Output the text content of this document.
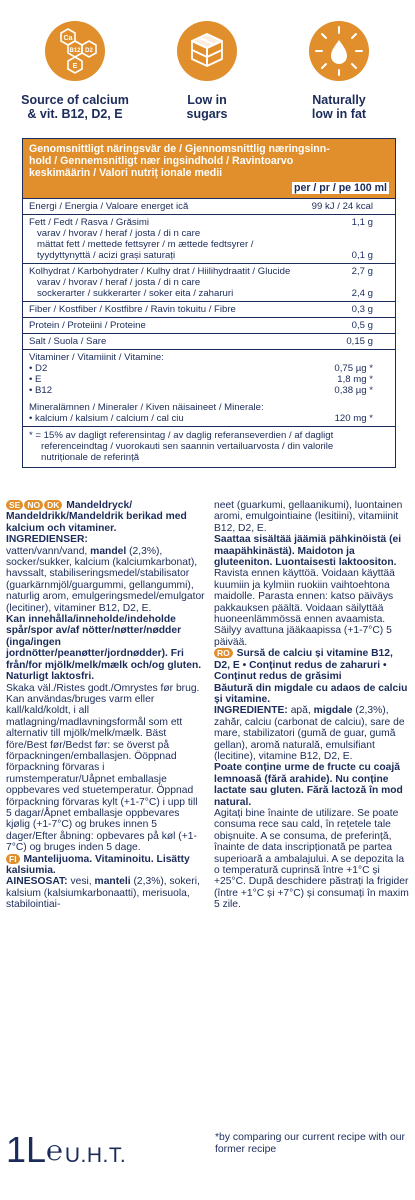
Ca
B12 D2
E
Source of calcium
& vit. B12, D2, E
Low in
sugars
Naturally
low in fat
Genomsnittligt näringsvär de / Gjennomsnittlig næringsinn-
hold / Gennemsnitligt nær ingsindhold / Ravintoarvo
keskimäärin / Valori nutriț ionale medii
per / pr / pe 100 ml
Energi / Energia / Valoare energet ică	99 kJ / 24 kcal
Fett / Fedt / Rasva / Grăsimi	1,1 g
varav / hvorav / heraf / josta / di n care
mättat fett / mettede fettsyrer / m ættede fedtsyrer /
tyydyttynyttä / acizi grași saturați	0,1 g
Kolhydrat / Karbohydrater / Kulhy drat / Hiilihydraatit / Glucide	2,7 g
varav / hvorav / heraf / josta / di n care
sockerarter / sukkerarter / soker eita / zaharuri	2,4 g
Fiber / Kostfiber / Kostfibre / Ravin tokuitu / Fibre	0,3 g
Protein / Proteiini / Proteine	0,5 g
Salt / Suola / Sare	0,15 g
Vitaminer / Vitamiinit / Vitamine:
• D2	0,75 µg *
• E	1,8 mg *
• B12	0,38 µg *
Mineralämnen / Mineraler / Kiven näisaineet / Minerale:
• kalcium / kalsium / calcium / cal ciu	120 mg *
* = 15% av dagligt referensintag / av daglig referanseverdien / af dagligt
referenceindtag / vuorokauti sen saannin vertailuarvosta / din valorile
nutriționale de referință

SE NO DK Mandeldryck/ Mandeldrikk/Mandeldrik berikad med kalcium och vitaminer.

INGREDIENSER:
vatten/vann/vand, mandel (2,3%), socker/sukker, kalcium (kalciumkarbonat), havssalt, stabiliseringsmedel/stabilisator (guarkärnmjöl/guargummi, gellangummi), naturlig arom, emulgeringsmedel/emulgator (lecitiner), vitaminer B12, D2, E.

Kan innehålla/inneholde/indeholde spår/spor av/af nötter/nøtter/nødder (inga/ingen jordnötter/peanøtter/jordnødder). Fri från/for mjölk/melk/mælk och/og gluten. Naturligt laktosfri.

Skaka väl./Ristes godt./Omrystes før brug. Kan användas/bruges varm eller kall/kald/koldt, i all matlagning/madlavningsformål som ett alternativ till mjölk/melk/mælk. Bäst före/Best før/Bedst før: se överst på förpackningen/emballasjen. Ööppnad förpackning förvaras i rumstemperatur/Uåpnet emballasje oppbevares ved stuetemperatur. Öppnad förpackning förvaras kylt (+1-7°C) i upp till 5 dagar/Åpnet emballasje oppbevares kjølig (+1-7°C) og brukes innen 5 dager/Efter åbning: opbevares på køl (+1-7°C) og bruges inden 5 dage.

FI Mantelijuoma. Vitaminoitu. Lisätty kalsiumia.

AINESOSAT: vesi, manteli (2,3%), sokeri, kalsium (kalsiumkarbonaatti), merisuola, stabilointiai-

neet (guarkumi, gellaanikumi), luontainen aromi, emulgointiaine (lesitiini), vitamiinit B12, D2, E.

Saattaa sisältää jäämiä pähkinöistä (ei maapähkinästä). Maidoton ja gluteeniton. Luontaisesti laktoositon.

Ravista ennen käyttöä. Voidaan käyttää kuumiin ja kylmiin ruokiin vaihtoehtona maidolle. Parasta ennen: katso päiväys pakkauksen päältä. Voidaan säilyttää huoneenlämmössä ennen avaamista. Säilyy avattuna jääkaapissa (+1-7°C) 5 päivää.

RO Sursă de calciu și vitamine B12, D2, E • Conținut redus de zaharuri • Conținut redus de grăsimi

Băutură din migdale cu adaos de calciu și vitamine.

INGREDIENTE: apă, migdale (2,3%), zahăr, calciu (carbonat de calciu), sare de mare, stabilizatori (gumă de guar, gumă gellan), aromă naturală, emulsifiant (lecitine), vitamine B12, D2, E.

Poate conține urme de fructe cu coajă lemnoasă (fără arahide). Nu conține lactate sau gluten. Fără lactoză în mod natural.

Agitați bine înainte de utilizare. Se poate consuma rece sau cald, în rețetele tale obișnuite. A se consuma, de preferință, înainte de data inscripționată pe partea superioară a ambalajului. A se depozita la o temperatură cuprinsă între +1°C și +25°C. După deschidere păstrați la frigider (între +1°C și +7°C) și consumați în maxim 5 zile.

1L℮U.H.T.
*by comparing our current recipe with our former recipe
